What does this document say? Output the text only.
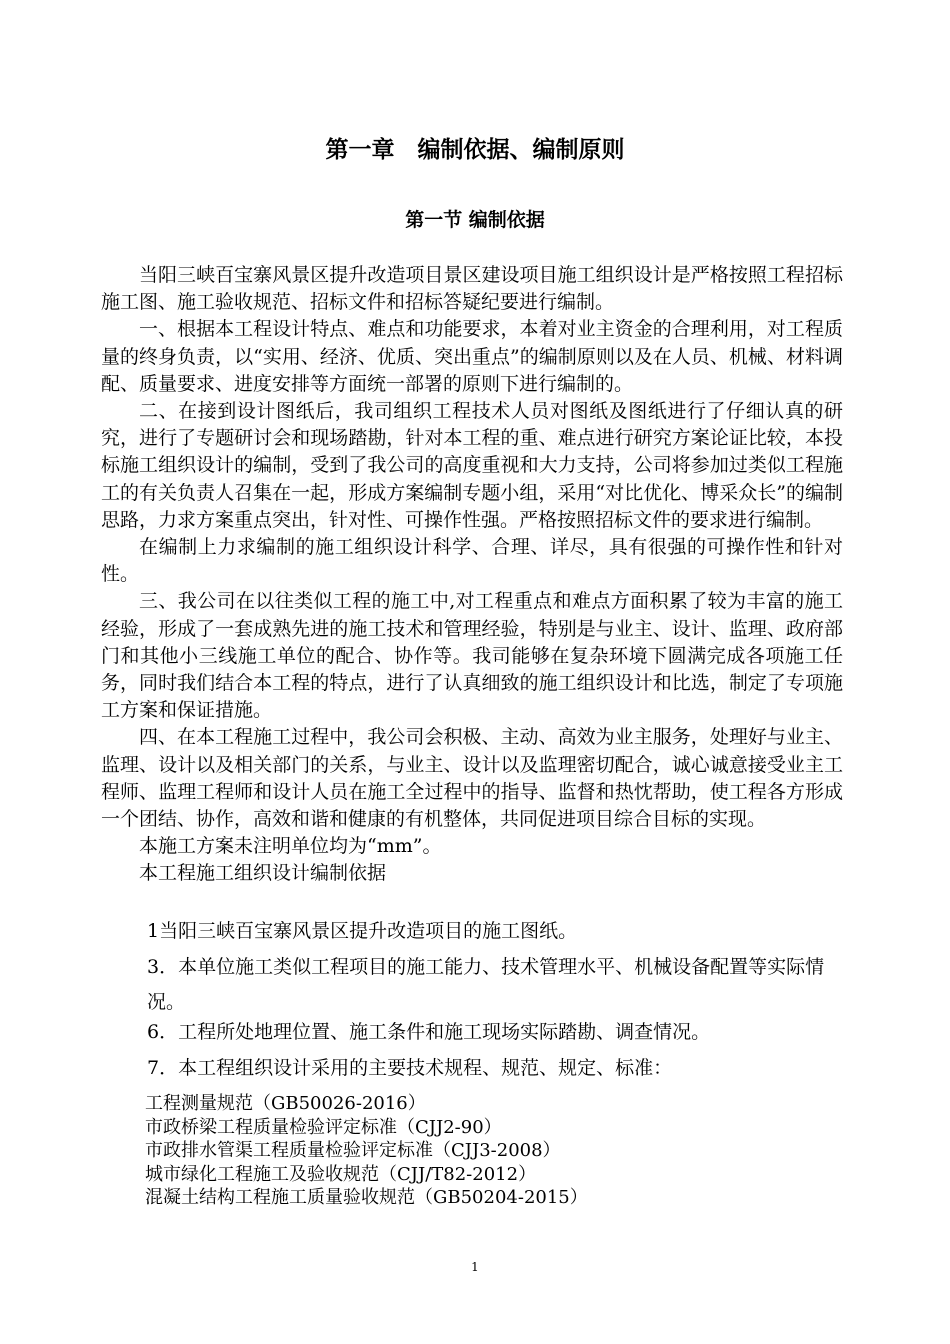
第一章　编制依据、编制原则
第一节 编制依据

当阳三峡百宝寨风景区提升改造项目景区建设项目施工组织设计是严格按照工程招标施工图、施工验收规范、招标文件和招标答疑纪要进行编制。

一、根据本工程设计特点、难点和功能要求，本着对业主资金的合理利用，对工程质量的终身负责，以“实用、经济、优质、突出重点”的编制原则以及在人员、机械、材料调配、质量要求、进度安排等方面统一部署的原则下进行编制的。

二、在接到设计图纸后，我司组织工程技术人员对图纸及图纸进行了仔细认真的研究，进行了专题研讨会和现场踏勘，针对本工程的重、难点进行研究方案论证比较，本投标施工组织设计的编制，受到了我公司的高度重视和大力支持，公司将参加过类似工程施工的有关负责人召集在一起，形成方案编制专题小组，采用“对比优化、博采众长”的编制思路，力求方案重点突出，针对性、可操作性强。严格按照招标文件的要求进行编制。

在编制上力求编制的施工组织设计科学、合理、详尽，具有很强的可操作性和针对性。

三、我公司在以往类似工程的施工中,对工程重点和难点方面积累了较为丰富的施工经验，形成了一套成熟先进的施工技术和管理经验，特别是与业主、设计、监理、政府部门和其他小三线施工单位的配合、协作等。我司能够在复杂环境下圆满完成各项施工任务，同时我们结合本工程的特点，进行了认真细致的施工组织设计和比选，制定了专项施工方案和保证措施。

四、在本工程施工过程中，我公司会积极、主动、高效为业主服务，处理好与业主、监理、设计以及相关部门的关系，与业主、设计以及监理密切配合，诚心诚意接受业主工程师、监理工程师和设计人员在施工全过程中的指导、监督和热忱帮助，使工程各方形成一个团结、协作，高效和谐和健康的有机整体，共同促进项目综合目标的实现。

本施工方案未注明单位均为“mm”。

本工程施工组织设计编制依据

1当阳三峡百宝寨风景区提升改造项目的施工图纸。

3．本单位施工类似工程项目的施工能力、技术管理水平、机械设备配置等实际情况。

6．工程所处地理位置、施工条件和施工现场实际踏勘、调查情况。
7．本工程组织设计采用的主要技术规程、规范、规定、标准：
工程测量规范（GB50026-2016）
市政桥梁工程质量检验评定标准（CJJ2-90）
市政排水管渠工程质量检验评定标准（CJJ3-2008）
城市绿化工程施工及验收规范（CJJ/T82-2012）
混凝土结构工程施工质量验收规范（GB50204-2015）
1
